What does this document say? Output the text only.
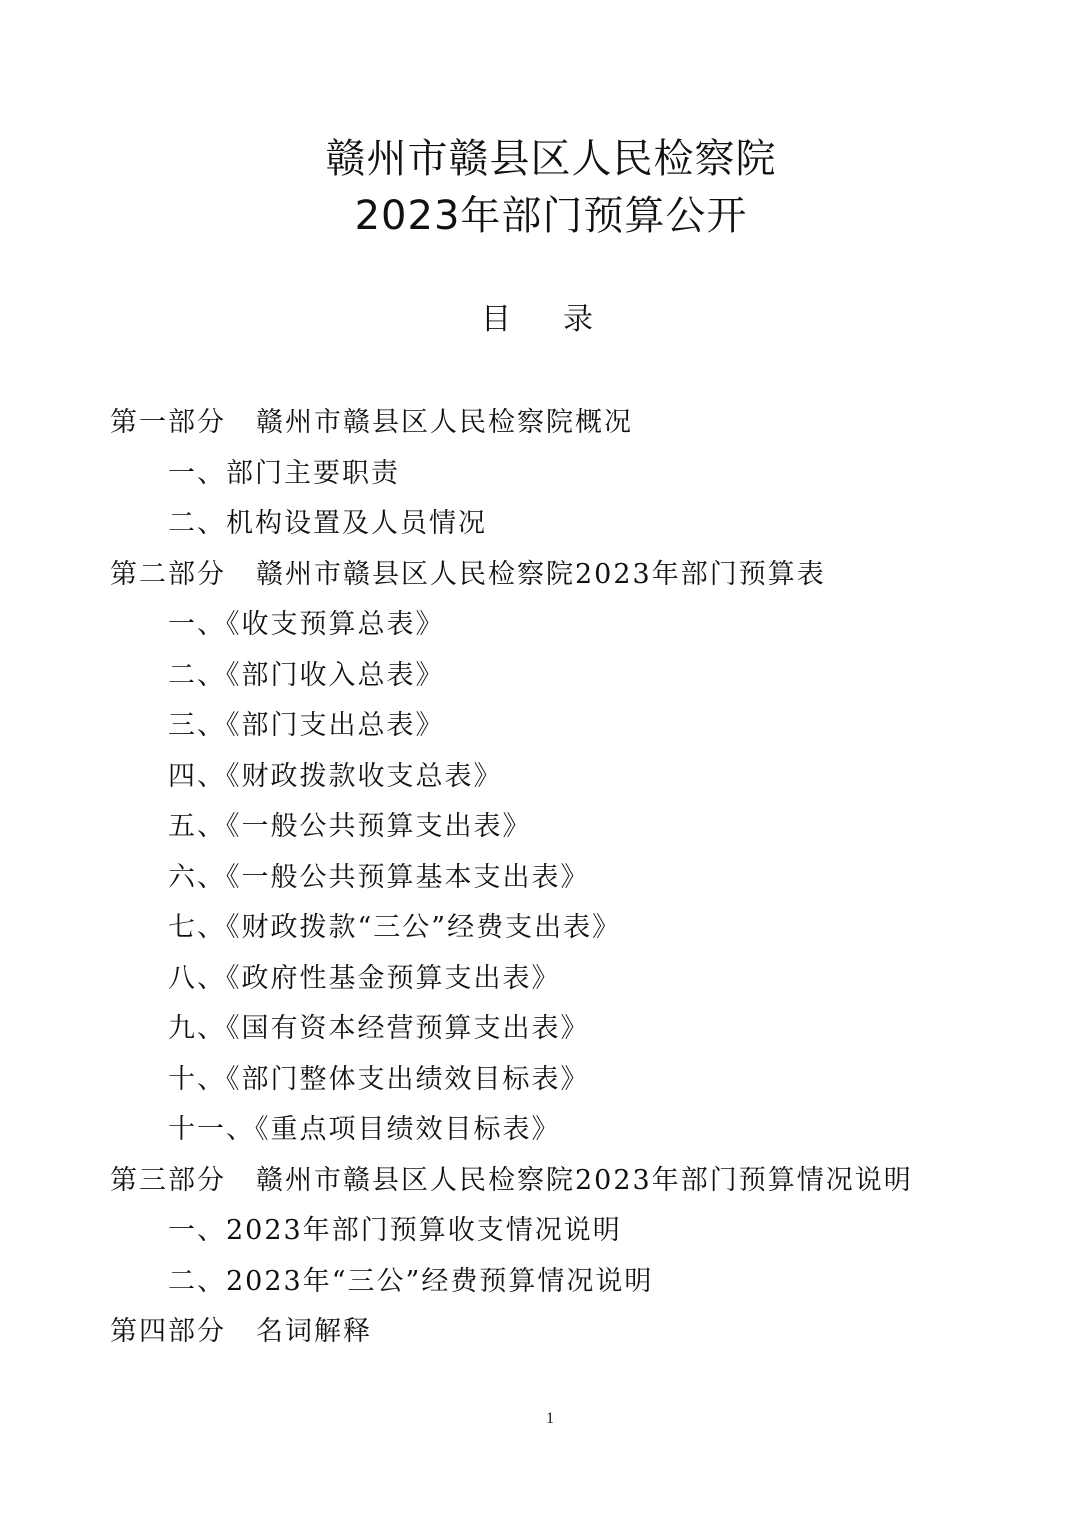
赣州市赣县区人民检察院
2023年部门预算公开
目录
第一部分 赣州市赣县区人民检察院概况
一、部门主要职责
二、机构设置及人员情况
第二部分 赣州市赣县区人民检察院2023年部门预算表
一、《收支预算总表》
二、《部门收入总表》
三、《部门支出总表》
四、《财政拨款收支总表》
五、《一般公共预算支出表》
六、《一般公共预算基本支出表》
七、《财政拨款“三公”经费支出表》
八、《政府性基金预算支出表》
九、《国有资本经营预算支出表》
十、《部门整体支出绩效目标表》
十一、《重点项目绩效目标表》
第三部分 赣州市赣县区人民检察院2023年部门预算情况说明
一、2023年部门预算收支情况说明
二、2023年“三公”经费预算情况说明
第四部分 名词解释
1
